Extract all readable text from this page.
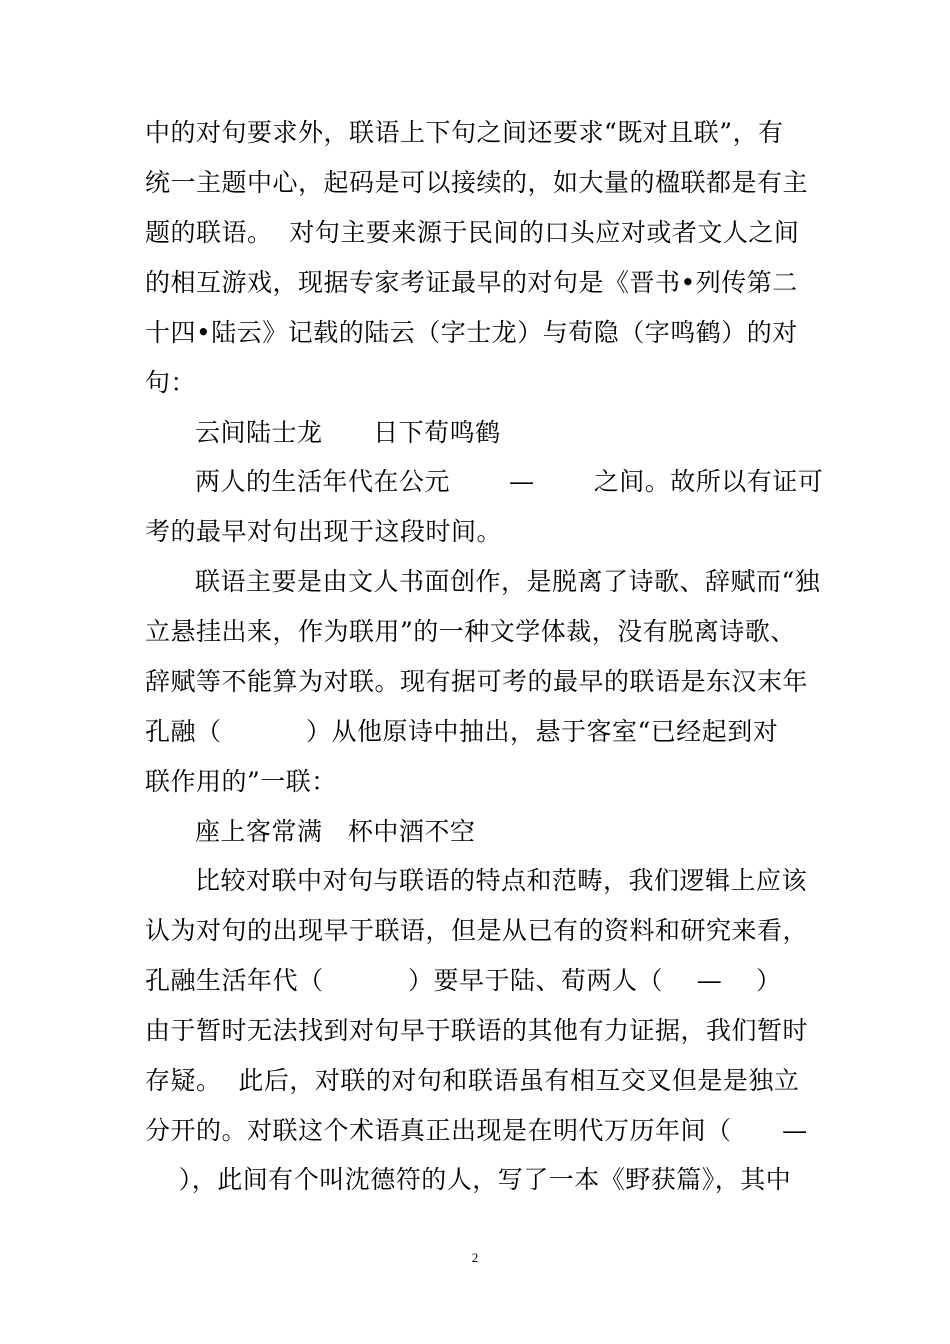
中的对句要求外，联语上下句之间还要求“既对且联”，有
统一主题中心，起码是可以接续的，如大量的楹联都是有主
题的联语。  对句主要来源于民间的口头应对或者文人之间
的相互游戏，现据专家考证最早的对句是《晋书•列传第二
十四•陆云》记载的陆云（字士龙）与荀隐（字鸣鹤）的对
句：
云间陆士龙      日下荀鸣鹤
两人的生活年代在公元       —       之间。故所以有证可
考的最早对句出现于这段时间。
联语主要是由文人书面创作，是脱离了诗歌、辞赋而“独
立悬挂出来，作为联用”的一种文学体裁，没有脱离诗歌、
辞赋等不能算为对联。现有据可考的最早的联语是东汉末年
孔融（          ）从他原诗中抽出，悬于客室“已经起到对
联作用的”一联：
座上客常满   杯中酒不空
比较对联中对句与联语的特点和范畴，我们逻辑上应该
认为对句的出现早于联语，但是从已有的资料和研究来看，
孔融生活年代（          ）要早于陆、荀两人（    —    ）
由于暂时无法找到对句早于联语的其他有力证据，我们暂时
存疑。  此后，对联的对句和联语虽有相互交叉但是是独立
分开的。对联这个术语真正出现是在明代万历年间（      —
），此间有个叫沈德符的人，写了一本《野获篇》，其中
2
